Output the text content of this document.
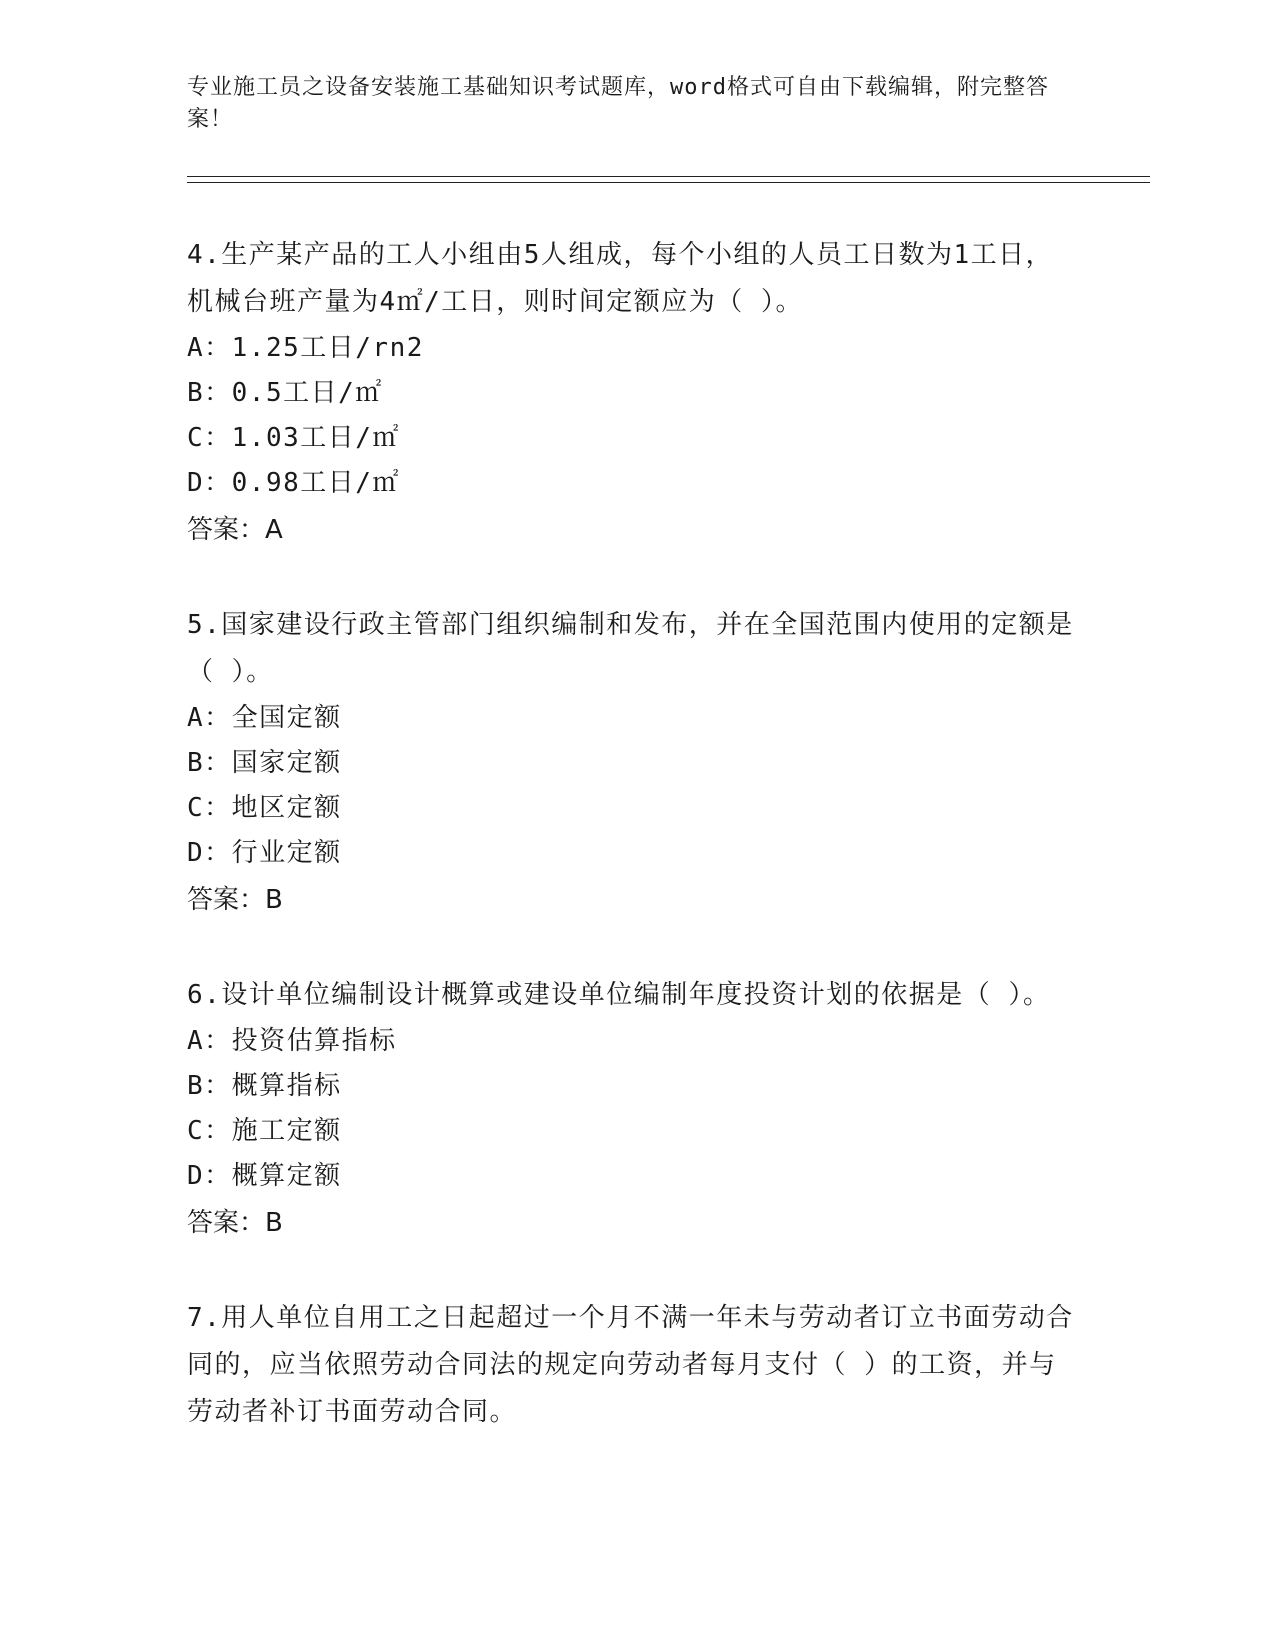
专业施工员之设备安装施工基础知识考试题库，word格式可自由下载编辑，附完整答案！

4.生产某产品的工人小组由5人组成，每个小组的人员工日数为1工日，机械台班产量为4㎡/工日，则时间定额应为（ ）。

A：1.25工日/rn2

B：0.5工日/㎡

C：1.03工日/㎡

D：0.98工日/㎡

答案：A

5.国家建设行政主管部门组织编制和发布，并在全国范围内使用的定额是（ ）。

A：全国定额

B：国家定额

C：地区定额

D：行业定额

答案：B

6.设计单位编制设计概算或建设单位编制年度投资计划的依据是（ ）。

A：投资估算指标

B：概算指标

C：施工定额

D：概算定额

答案：B

7.用人单位自用工之日起超过一个月不满一年未与劳动者订立书面劳动合同的，应当依照劳动合同法的规定向劳动者每月支付（ ）的工资，并与劳动者补订书面劳动合同。
